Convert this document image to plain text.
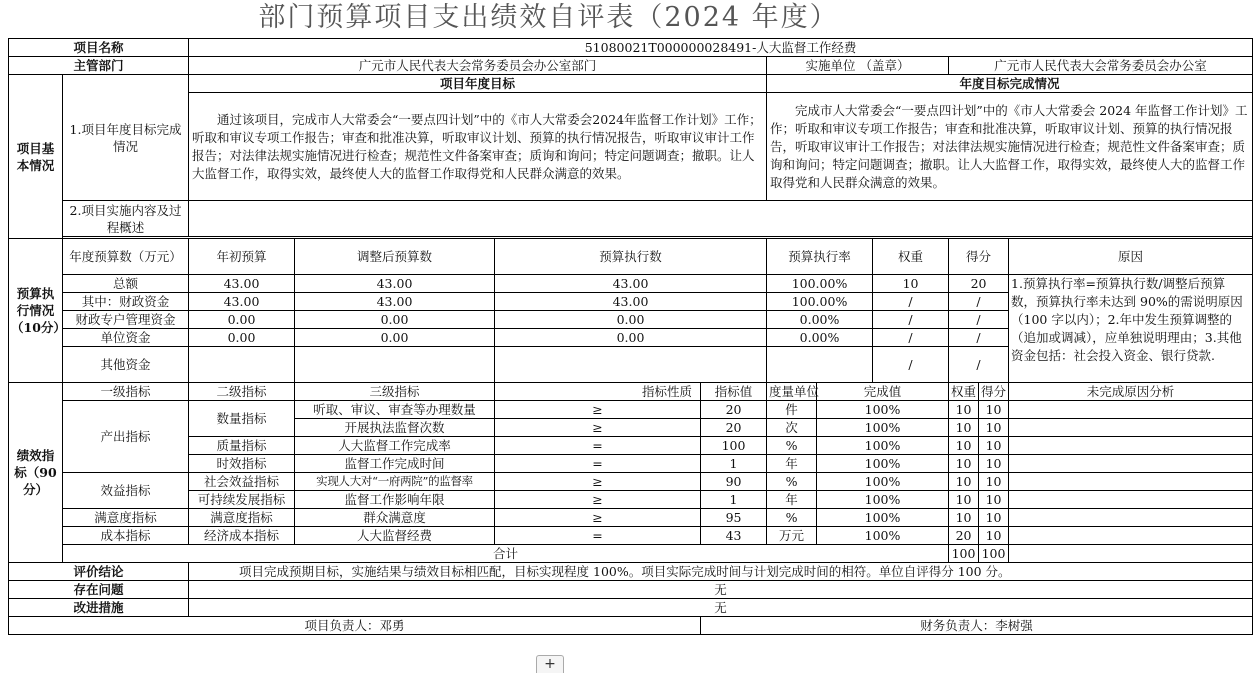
部门预算项目支出绩效自评表（2024 年度）
项目名称		51080021T000000028491-人大监督工作经费									
主管部门		广元市人民代表大会常务委员会办公室部门				实施单位 （盖章）			广元市人民代表大会常务委员会办公室		
项目基本情况	1.项目年度目标完成情况	项目年度目标				年度目标完成情况					
		通过该项目，完成市人大常委会“一要点四计划”中的《市人大常委会2024年监督工作计划》工作；听取和审议专项工作报告；审查和批准决算，听取审议计划、预算的执行情况报告，听取审议审计工作报告；对法律法规实施情况进行检查；规范性文件备案审查；质询和询问；特定问题调查；撤职。让人大监督工作，取得实效，最终使人大的监督工作取得党和人民群众满意的效果。				完成市人大常委会“一要点四计划”中的《市人大常委会 2024 年监督工作计划》工作；听取和审议专项工作报告；审查和批准决算，听取审议计划、预算的执行情况报告，听取审议审计工作报告；对法律法规实施情况进行检查；规范性文件备案审查；质询和询问；特定问题调查；撤职。让人大监督工作，取得实效，最终使人大的监督工作取得党和人民群众满意的效果。					
	2.项目实施内容及过程概述										

预算执行情况（10分）	年度预算数（万元）	年初预算	调整后预算数	预算执行数		预算执行率		权重	得分		原因
	总额	43.00	43.00	43.00		100.00%		10	20		1.预算执行率=预算执行数/调整后预算数，预算执行率未达到 90%的需说明原因（100 字以内）；2.年中发生预算调整的（追加或调减），应单独说明理由；3.其他资金包括：社会投入资金、银行贷款.
	其中：财政资金	43.00	43.00	43.00		100.00%		/	/		
	财政专户管理资金	0.00	0.00	0.00		0.00%		/	/		
	单位资金	0.00	0.00	0.00		0.00%		/	/		
	其他资金							/	/		
绩效指标（90分）	一级指标	二级指标	三级指标	指标性质	指标值	度量单位	完成值		权重	得分	未完成原因分析
	产出指标	数量指标	听取、审议、审查等办理数量	≥	20	件	100%		10	10	
			开展执法监督次数	≥	20	次	100%		10	10	
		质量指标	人大监督工作完成率	=	100	%	100%		10	10	
		时效指标	监督工作完成时间	=	1	年	100%		10	10	
	效益指标	社会效益指标	实现人大对“一府两院”的监督率	≥	90	%	100%		10	10	
		可持续发展指标	监督工作影响年限	≥	1	年	100%		10	10	
	满意度指标	满意度指标	群众满意度	≥	95	%	100%		10	10	
	成本指标	经济成本指标	人大监督经费	=	43	万元	100%		20	10	
	合计								100	100	
评价结论		项目完成预期目标，实施结果与绩效目标相匹配，目标实现程度 100%。项目实际完成时间与计划完成时间的相符。单位自评得分 100 分。									
存在问题		无									
改进措施		无									
项目负责人：邓勇					财务负责人：李树强						
+
